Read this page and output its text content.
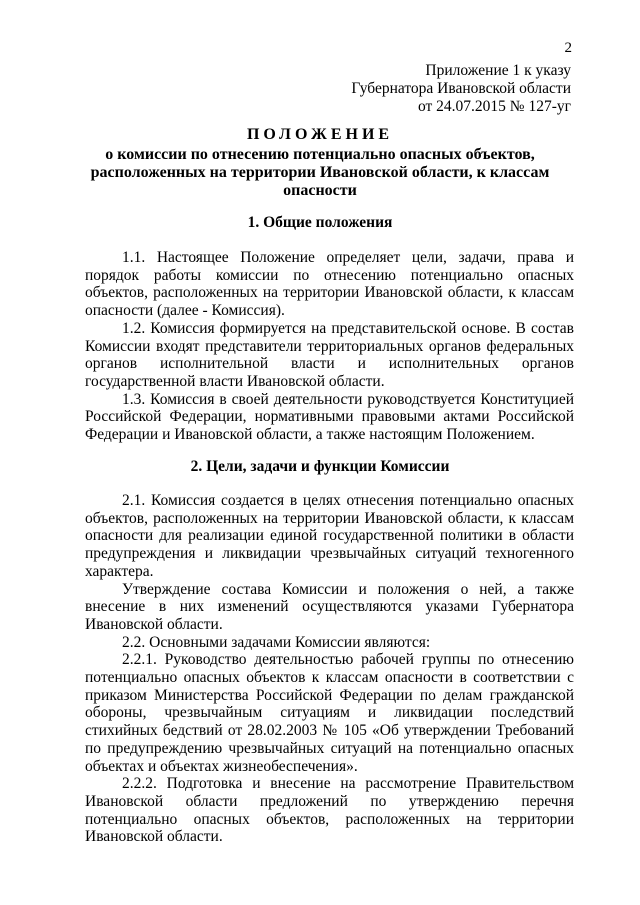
2
Приложение 1 к указу
Губернатора Ивановской области
от 24.07.2015 № 127-уг
ПОЛОЖЕНИЕ
о комиссии по отнесению потенциально опасных объектов, расположенных на территории Ивановской области, к классам опасности
1. Общие положения

1.1. Настоящее Положение определяет цели, задачи, права и порядок работы комиссии по отнесению потенциально опасных объектов, расположенных на территории Ивановской области, к классам опасности (далее - Комиссия).

1.2. Комиссия формируется на представительской основе. В состав Комиссии входят представители территориальных органов федеральных органов исполнительной власти и исполнительных органов государственной власти Ивановской области.

1.3. Комиссия в своей деятельности руководствуется Конституцией Российской Федерации, нормативными правовыми актами Российской Федерации и Ивановской области, а также настоящим Положением.

2. Цели, задачи и функции Комиссии

2.1. Комиссия создается в целях отнесения потенциально опасных объектов, расположенных на территории Ивановской области, к классам опасности для реализации единой государственной политики в области предупреждения и ликвидации чрезвычайных ситуаций техногенного характера.

Утверждение состава Комиссии и положения о ней, а также внесение в них изменений осуществляются указами Губернатора Ивановской области.

2.2. Основными задачами Комиссии являются:

2.2.1. Руководство деятельностью рабочей группы по отнесению потенциально опасных объектов к классам опасности в соответствии с приказом Министерства Российской Федерации по делам гражданской обороны, чрезвычайным ситуациям и ликвидации последствий стихийных бедствий от 28.02.2003 № 105 «Об утверждении Требований по предупреждению чрезвычайных ситуаций на потенциально опасных объектах и объектах жизнеобеспечения».

2.2.2. Подготовка и внесение на рассмотрение Правительством Ивановской области предложений по утверждению перечня потенциально опасных объектов, расположенных на территории Ивановской области.
